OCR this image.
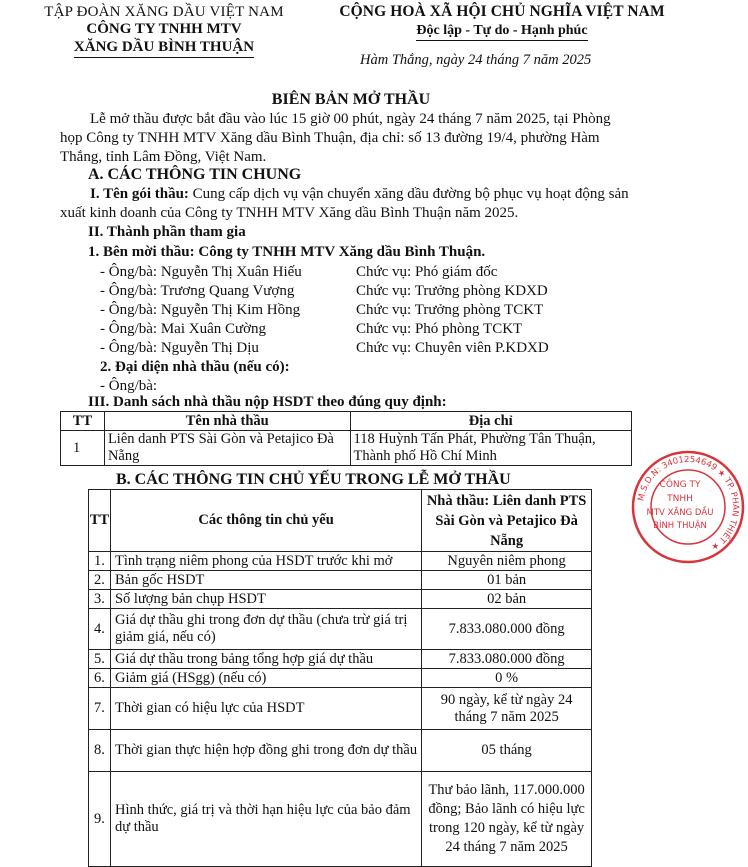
TẬP ĐOÀN XĂNG DẦU VIỆT NAM
CÔNG TY TNHH MTV
XĂNG DẦU BÌNH THUẬN
CỘNG HOÀ XÃ HỘI CHỦ NGHĨA VIỆT NAM
Độc lập - Tự do - Hạnh phúc
Hàm Thắng, ngày 24 tháng 7 năm 2025
BIÊN BẢN MỞ THẦU
Lễ mở thầu được bắt đầu vào lúc 15 giờ 00 phút, ngày 24 tháng 7 năm 2025, tại Phòng họp Công ty TNHH MTV Xăng dầu Bình Thuận, địa chỉ: số 13 đường 19/4, phường Hàm Thắng, tỉnh Lâm Đồng, Việt Nam.
A. CÁC THÔNG TIN CHUNG
I. Tên gói thầu: Cung cấp dịch vụ vận chuyển xăng dầu đường bộ phục vụ hoạt động sản xuất kinh doanh của Công ty TNHH MTV Xăng dầu Bình Thuận năm 2025.
II. Thành phần tham gia
1. Bên mời thầu: Công ty TNHH MTV Xăng dầu Bình Thuận.
- Ông/bà: Nguyễn Thị Xuân Hiếu	Chức vụ: Phó giám đốc
- Ông/bà: Trương Quang Vượng	Chức vụ: Trưởng phòng KDXD
- Ông/bà: Nguyễn Thị Kim Hồng	Chức vụ: Trưởng phòng TCKT
- Ông/bà: Mai Xuân Cường	Chức vụ: Phó phòng TCKT
- Ông/bà: Nguyễn Thị Dịu	Chức vụ: Chuyên viên P.KDXD
2. Đại diện nhà thầu (nếu có):
- Ông/bà:
III. Danh sách nhà thầu nộp HSDT theo đúng quy định:
TT	Tên nhà thầu	Địa chỉ
1	Liên danh PTS Sài Gòn và Petajico Đà Nẵng	118 Huỳnh Tấn Phát, Phường Tân Thuận, Thành phố Hồ Chí Minh
B. CÁC THÔNG TIN CHỦ YẾU TRONG LỄ MỞ THẦU
TT	Các thông tin chủ yếu	Nhà thầu: Liên danh PTS Sài Gòn và Petajico Đà Nẵng
1.	Tình trạng niêm phong của HSDT trước khi mở	Nguyên niêm phong
2.	Bản gốc HSDT	01 bản
3.	Số lượng bản chụp HSDT	02 bản
4.	Giá dự thầu ghi trong đơn dự thầu (chưa trừ giá trị giảm giá, nếu có)	7.833.080.000 đồng
5.	Giá dự thầu trong bảng tổng hợp giá dự thầu	7.833.080.000 đồng
6.	Giảm giá (HSgg) (nếu có)	0 %
7.	Thời gian có hiệu lực của HSDT	90 ngày, kể từ ngày 24 tháng 7 năm 2025
8.	Thời gian thực hiện hợp đồng ghi trong đơn dự thầu	05 tháng
9.	Hình thức, giá trị và thời hạn hiệu lực của bảo đảm dự thầu	Thư bảo lãnh, 117.000.000 đồng; Bảo lãnh có hiệu lực trong 120 ngày, kể từ ngày 24 tháng 7 năm 2025
M.S.D.N: 3401254649 ★ TP. PHAN THIẾT ★
CÔNG TY
TNHH
MTV XĂNG DẦU
BÌNH THUẬN
